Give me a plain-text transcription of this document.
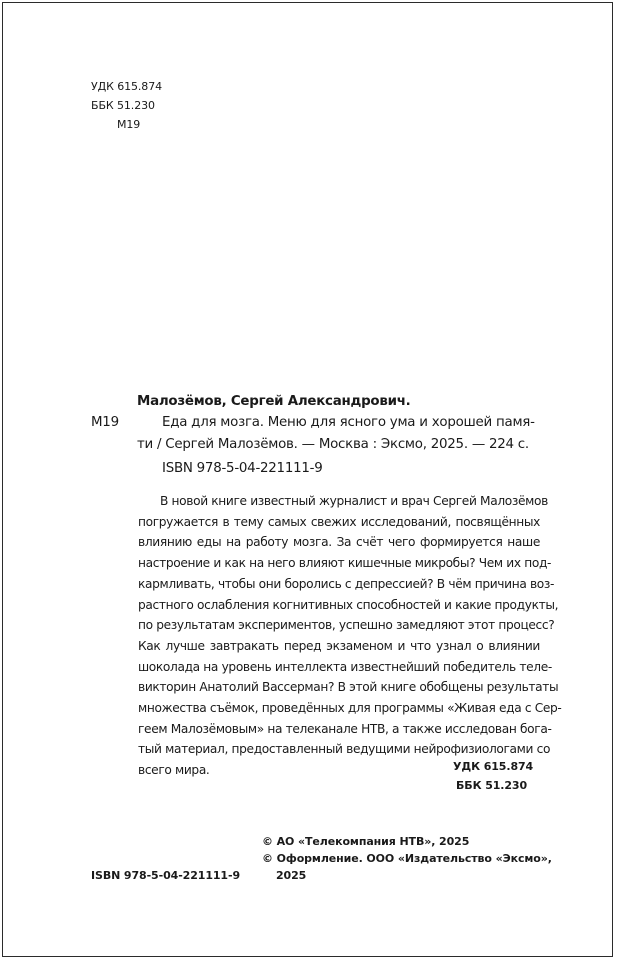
УДК 615.874
ББК 51.230
М19
Малозёмов, Сергей Александрович.
М19	Еда для мозга. Меню для ясного ума и хорошей памя-
ти / Сергей Малозёмов. — Москва : Эксмо, 2025. — 224 с.
ISBN 978-5-04-221111-9
В новой книге известный журналист и врач Сергей Малозёмов
погружается в тему самых свежих исследований, посвящённых
влиянию еды на работу мозга. За счёт чего формируется наше
настроение и как на него влияют кишечные микробы? Чем их под-
кармливать, чтобы они боролись с депрессией? В чём причина воз-
растного ослабления когнитивных способностей и какие продукты,
по результатам экспериментов, успешно замедляют этот процесс?
Как лучше завтракать перед экзаменом и что узнал о влиянии
шоколада на уровень интеллекта известнейший победитель теле-
викторин Анатолий Вассерман? В этой книге обобщены результаты
множества съёмок, проведённых для программы «Живая еда с Сер-
геем Малозёмовым» на телеканале НТВ, а также исследован бога-
тый материал, предоставленный ведущими нейрофизиологами со
всего мира.	УДК 615.874
ББК 51.230
© АО «Телекомпания НТВ», 2025
© Оформление. ООО «Издательство «Эксмо»,
2025
ISBN 978-5-04-221111-9
